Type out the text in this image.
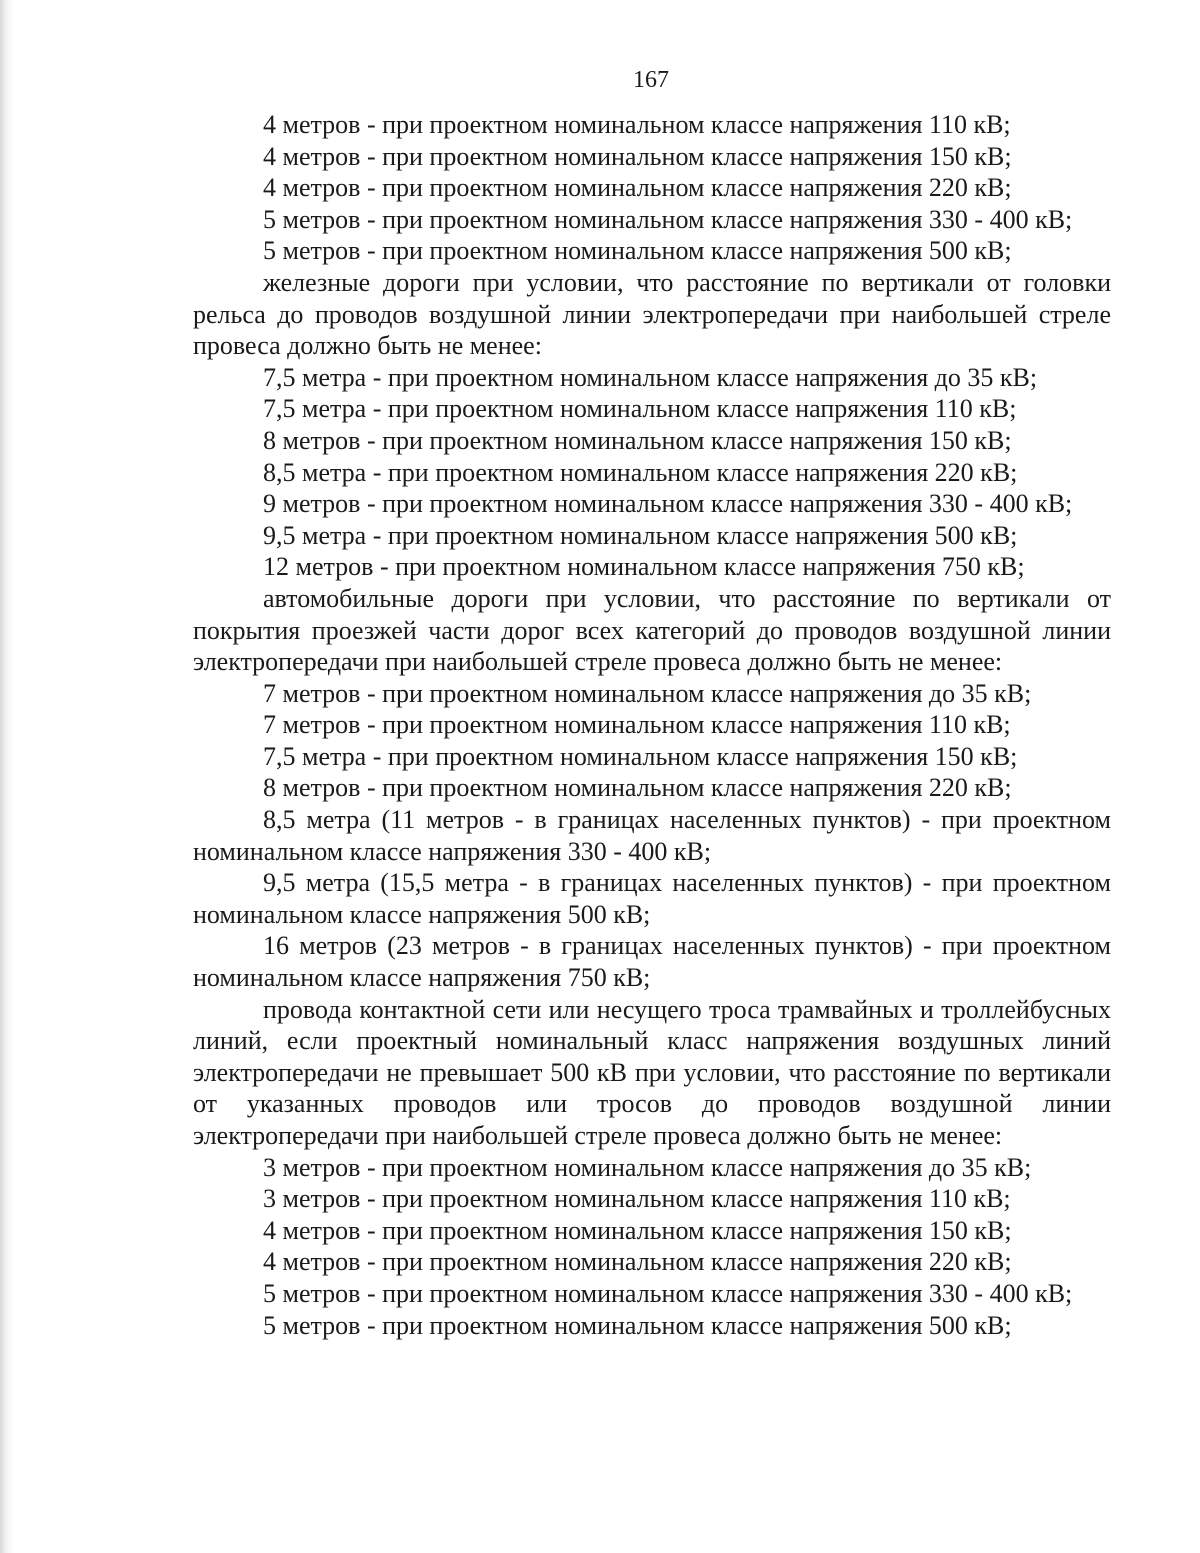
167

4 метров - при проектном номинальном классе напряжения 110 кВ;

4 метров - при проектном номинальном классе напряжения 150 кВ;

4 метров - при проектном номинальном классе напряжения 220 кВ;

5 метров - при проектном номинальном классе напряжения 330 - 400 кВ;

5 метров - при проектном номинальном классе напряжения 500 кВ;

железные дороги при условии, что расстояние по вертикали от головки рельса до проводов воздушной линии электропередачи при наибольшей стреле провеса должно быть не менее:

7,5 метра - при проектном номинальном классе напряжения до 35 кВ;

7,5 метра - при проектном номинальном классе напряжения 110 кВ;

8 метров - при проектном номинальном классе напряжения 150 кВ;

8,5 метра - при проектном номинальном классе напряжения 220 кВ;

9 метров - при проектном номинальном классе напряжения 330 - 400 кВ;

9,5 метра - при проектном номинальном классе напряжения 500 кВ;

12 метров - при проектном номинальном классе напряжения 750 кВ;

автомобильные дороги при условии, что расстояние по вертикали от покрытия проезжей части дорог всех категорий до проводов воздушной линии электропередачи при наибольшей стреле провеса должно быть не менее:

7 метров - при проектном номинальном классе напряжения до 35 кВ;

7 метров - при проектном номинальном классе напряжения 110 кВ;

7,5 метра - при проектном номинальном классе напряжения 150 кВ;

8 метров - при проектном номинальном классе напряжения 220 кВ;

8,5 метра (11 метров - в границах населенных пунктов) - при проектном номинальном классе напряжения 330 - 400 кВ;

9,5 метра (15,5 метра - в границах населенных пунктов) - при проектном номинальном классе напряжения 500 кВ;

16 метров (23 метров - в границах населенных пунктов) - при проектном номинальном классе напряжения 750 кВ;

провода контактной сети или несущего троса трамвайных и троллейбусных линий, если проектный номинальный класс напряжения воздушных линий электропередачи не превышает 500 кВ при условии, что расстояние по вертикали от указанных проводов или тросов до проводов воздушной линии электропередачи при наибольшей стреле провеса должно быть не менее:

3 метров - при проектном номинальном классе напряжения до 35 кВ;

3 метров - при проектном номинальном классе напряжения 110 кВ;

4 метров - при проектном номинальном классе напряжения 150 кВ;

4 метров - при проектном номинальном классе напряжения 220 кВ;

5 метров - при проектном номинальном классе напряжения 330 - 400 кВ;

5 метров - при проектном номинальном классе напряжения 500 кВ;
